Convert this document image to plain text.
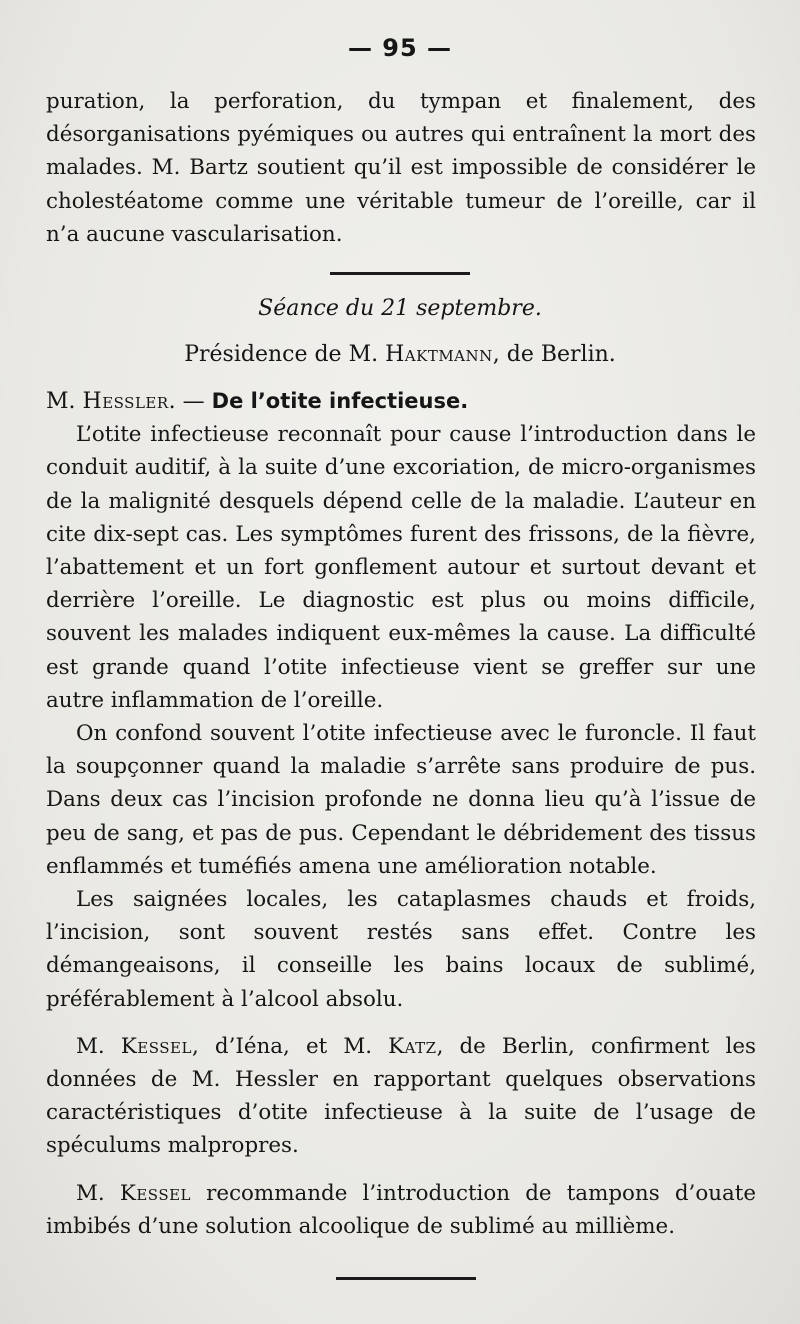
— 95 —

puration, la perforation, du tympan et finalement, des désorganisations pyémiques ou autres qui entraînent la mort des malades. M. Bartz soutient qu’il est impossible de considérer le cholestéatome comme une véritable tumeur de l’oreille, car il n’a aucune vascularisation.

Séance du 21 septembre.
Présidence de M. Haktmann, de Berlin.

M. Hessler. — De l’otite infectieuse.

L’otite infectieuse reconnaît pour cause l’introduction dans le conduit auditif, à la suite d’une excoriation, de micro-organismes de la malignité desquels dépend celle de la maladie. L’auteur en cite dix-sept cas. Les symptômes furent des frissons, de la fièvre, l’abattement et un fort gonflement autour et surtout devant et derrière l’oreille. Le diagnostic est plus ou moins difficile, souvent les malades indiquent eux-mêmes la cause. La difficulté est grande quand l’otite infectieuse vient se greffer sur une autre inflammation de l’oreille.

On confond souvent l’otite infectieuse avec le furoncle. Il faut la soupçonner quand la maladie s’arrête sans produire de pus. Dans deux cas l’incision profonde ne donna lieu qu’à l’issue de peu de sang, et pas de pus. Cependant le débridement des tissus enflammés et tuméfiés amena une amélioration notable.

Les saignées locales, les cataplasmes chauds et froids, l’incision, sont souvent restés sans effet. Contre les démangeaisons, il conseille les bains locaux de sublimé, préférablement à l’alcool absolu.

M. Kessel, d’Iéna, et M. Katz, de Berlin, confirment les données de M. Hessler en rapportant quelques observations caractéristiques d’otite infectieuse à la suite de l’usage de spéculums malpropres.

M. Kessel recommande l’introduction de tampons d’ouate imbibés d’une solution alcoolique de sublimé au millième.
